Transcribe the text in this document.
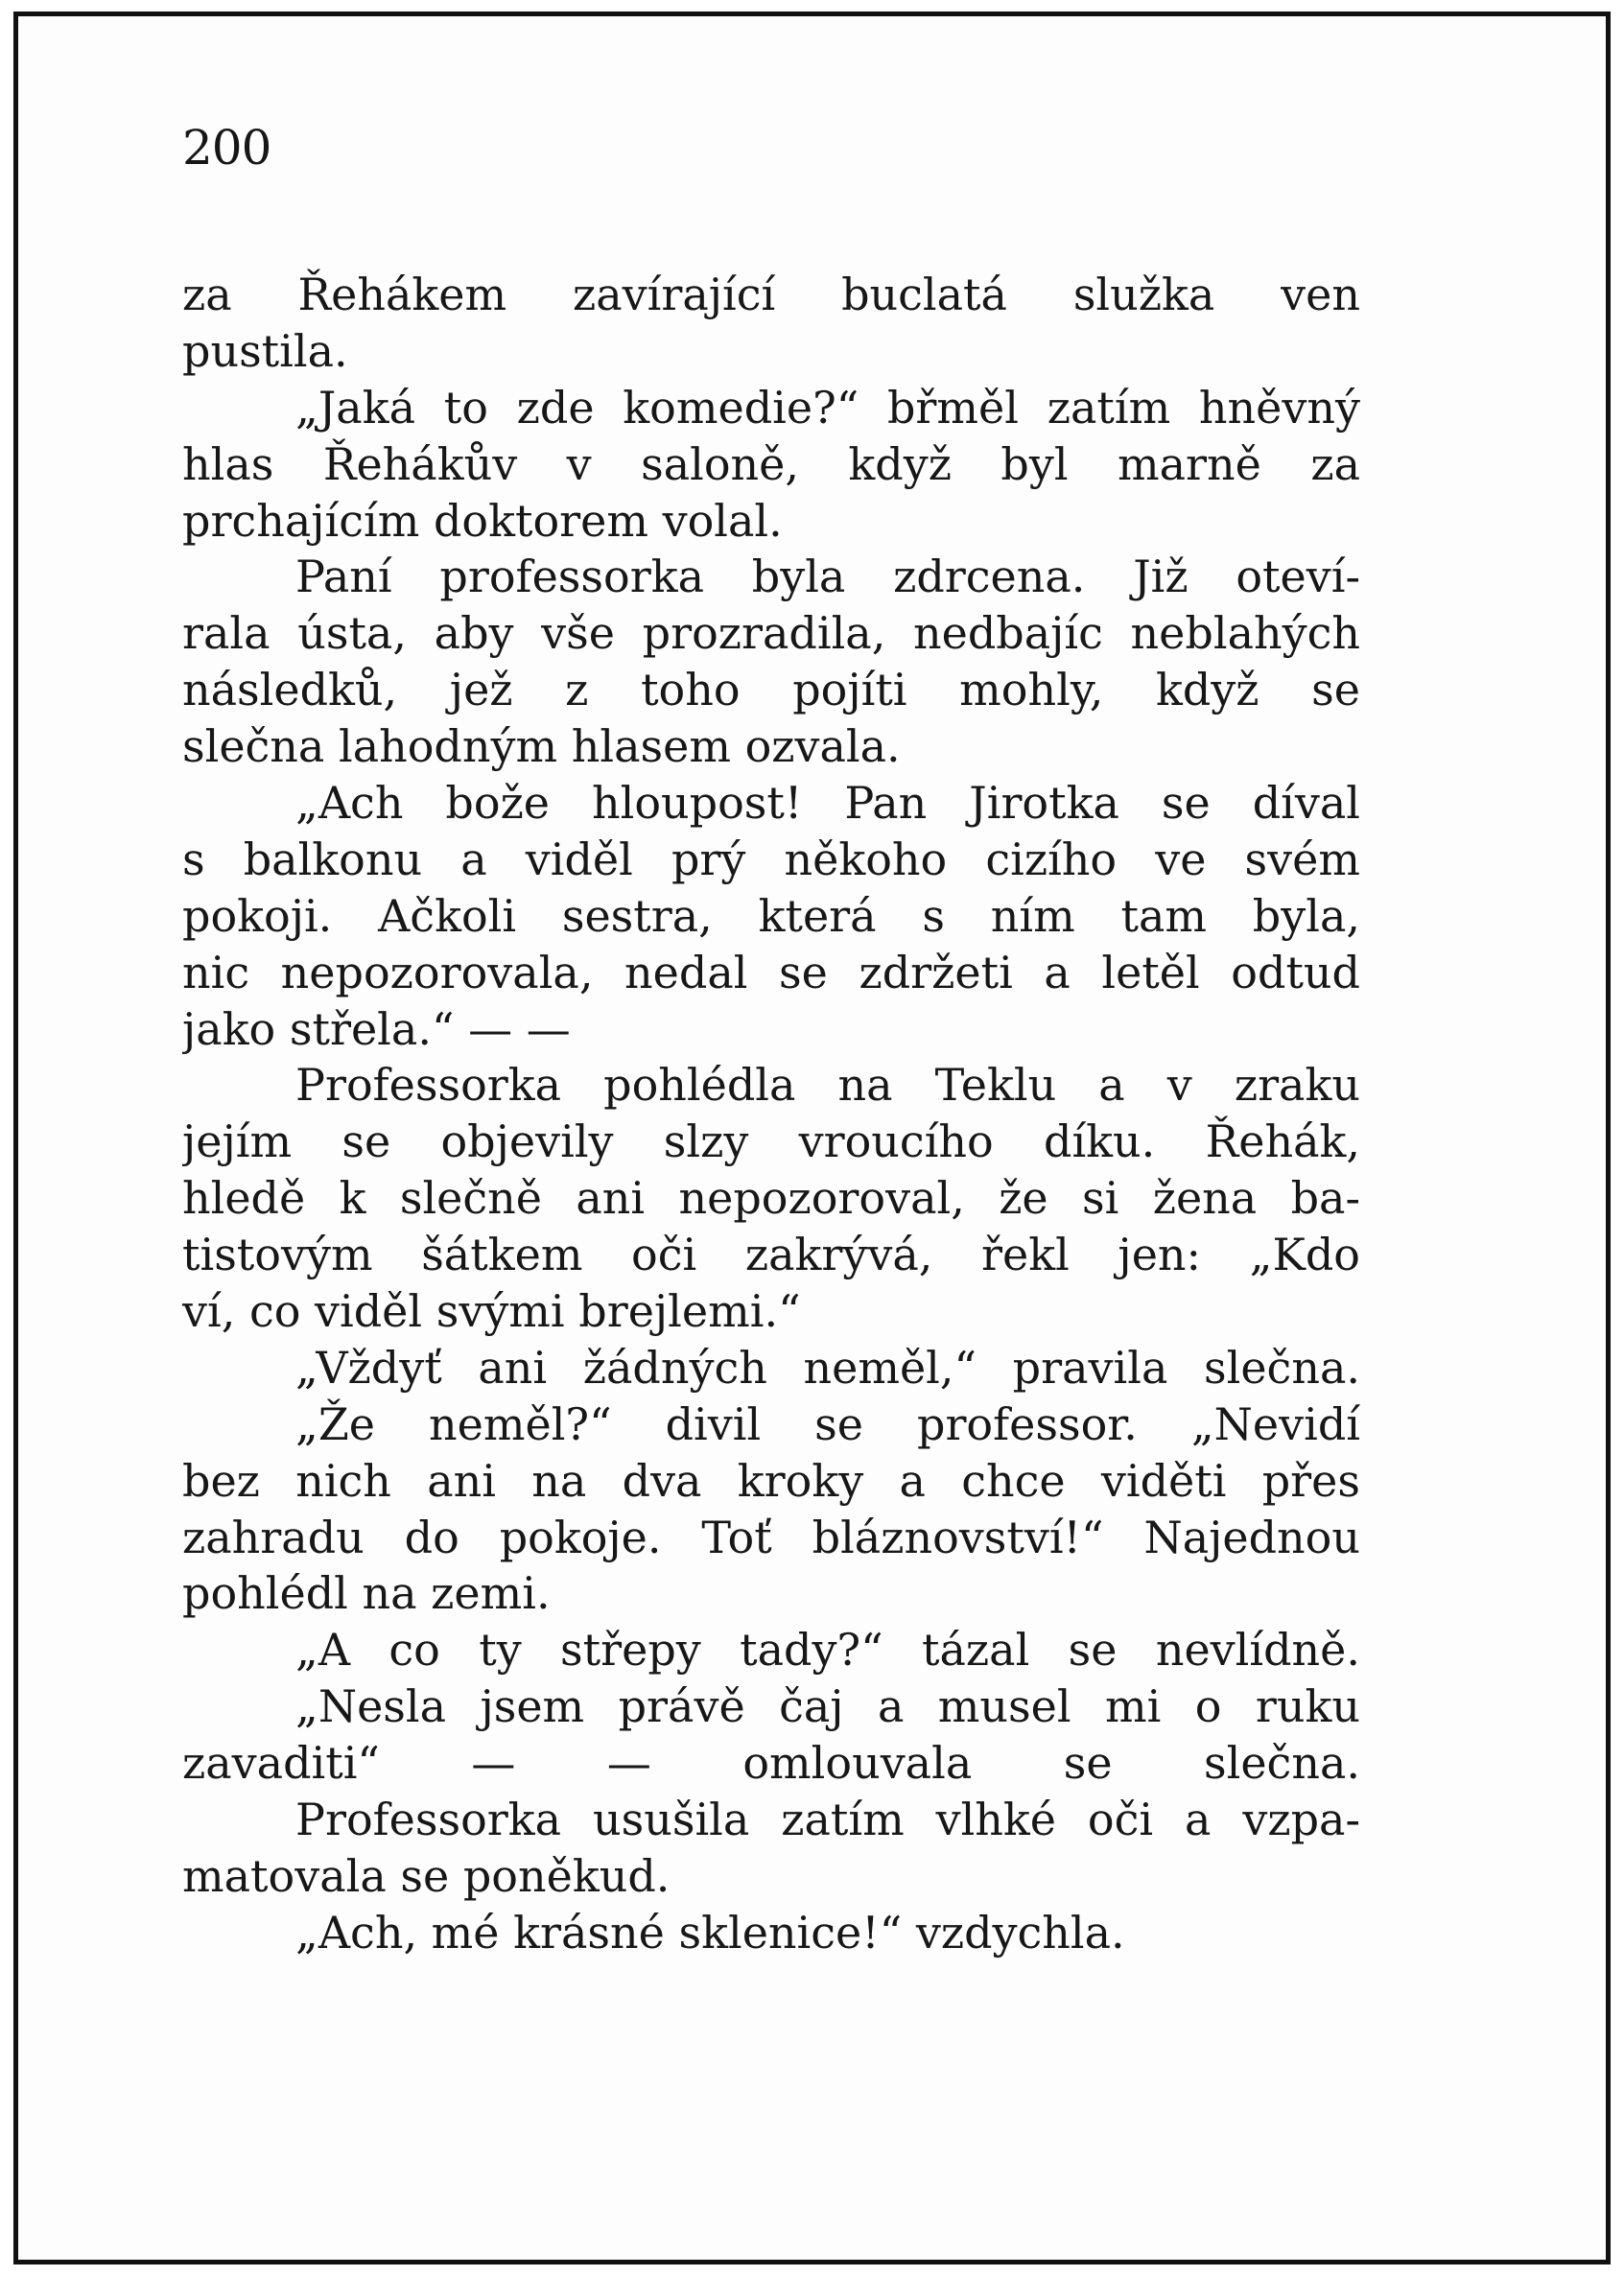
200
za Řehákem zavírající buclatá služka ven
pustila.
„Jaká to zde komedie?“ břměl zatím hněvný
hlas Řehákův v saloně, když byl marně za
prchajícím doktorem volal.
Paní professorka byla zdrcena. Již oteví-
rala ústa, aby vše prozradila, nedbajíc neblahých
následků, jež z toho pojíti mohly, když se
slečna lahodným hlasem ozvala.
„Ach bože hloupost! Pan Jirotka se díval
s balkonu a viděl prý někoho cizího ve svém
pokoji. Ačkoli sestra, která s ním tam byla,
nic nepozorovala, nedal se zdržeti a letěl odtud
jako střela.“ — —
Professorka pohlédla na Teklu a v zraku
jejím se objevily slzy vroucího díku. Řehák,
hledě k slečně ani nepozoroval, že si žena ba-
tistovým šátkem oči zakrývá, řekl jen: „Kdo
ví, co viděl svými brejlemi.“
„Vždyť ani žádných neměl,“ pravila slečna.
„Že neměl?“ divil se professor. „Nevidí
bez nich ani na dva kroky a chce viděti přes
zahradu do pokoje. Toť bláznovství!“ Najednou
pohlédl na zemi.
„A co ty střepy tady?“ tázal se nevlídně.
„Nesla jsem právě čaj a musel mi o ruku
zavaditi“ — — omlouvala se slečna.
Professorka usušila zatím vlhké oči a vzpa-
matovala se poněkud.
„Ach, mé krásné sklenice!“ vzdychla.
